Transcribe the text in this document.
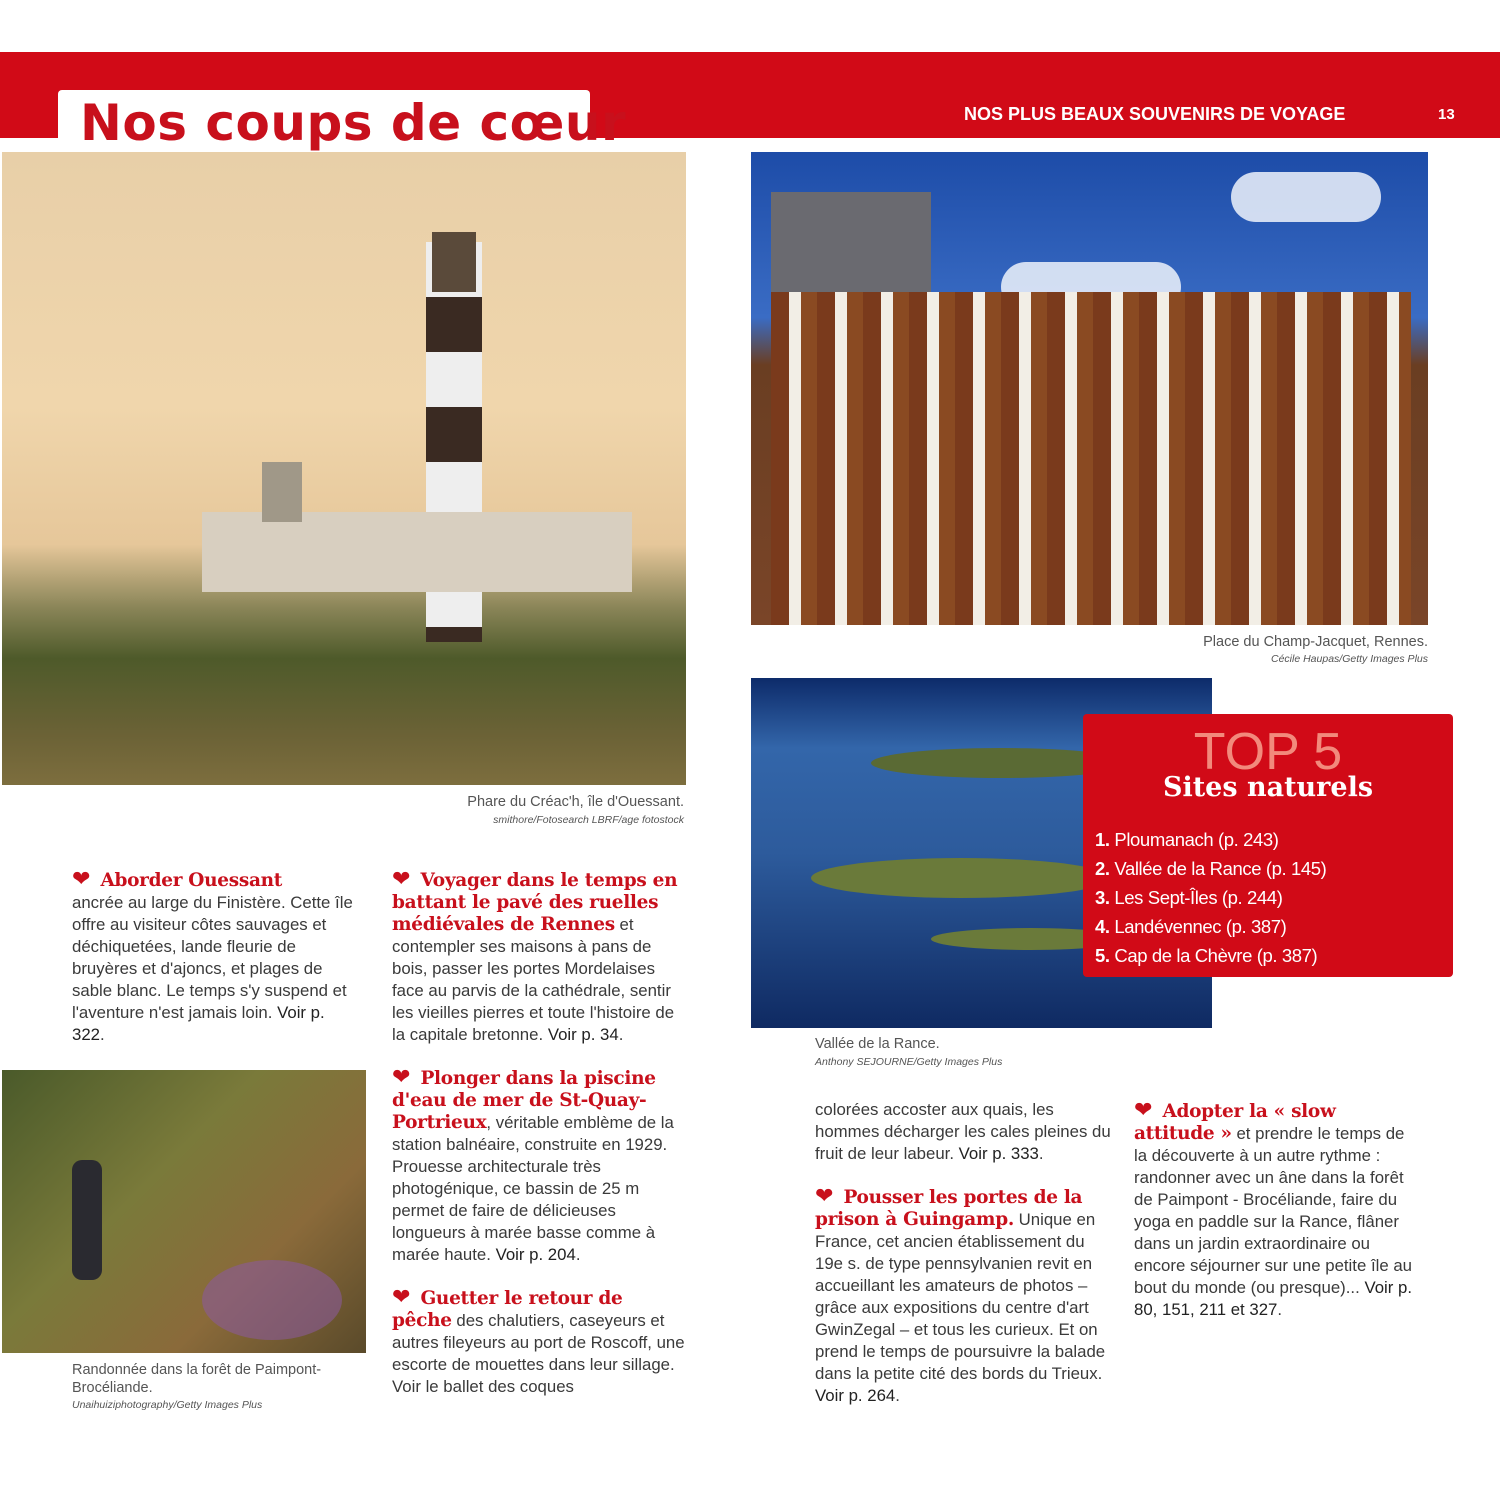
Nos coups de cœur	NOS PLUS BEAUX SOUVENIRS DE VOYAGE	13
Phare du Créac'h, île d'Ouessant.
smithore/Fotosearch LBRF/age fotostock
Place du Champ-Jacquet, Rennes.
Cécile Haupas/Getty Images Plus
Vallée de la Rance.
Anthony SEJOURNE/Getty Images Plus
TOP 5
Sites naturels
1. Ploumanach (p. 243)
2. Vallée de la Rance (p. 145)
3. Les Sept-Îles (p. 244)
4. Landévennec (p. 387)
5. Cap de la Chèvre (p. 387)
Randonnée dans la forêt de Paimpont-Brocéliande.
Unaihuiziphotography/Getty Images Plus

❤ Aborder Ouessant
ancrée au large du Finistère. Cette île offre au visiteur côtes sauvages et déchiquetées, lande fleurie de bruyères et d'ajoncs, et plages de sable blanc. Le temps s'y suspend et l'aventure n'est jamais loin. Voir p. 322.

❤ Voyager dans le temps en battant le pavé des ruelles médiévales de Rennes et contempler ses maisons à pans de bois, passer les portes Mordelaises face au parvis de la cathédrale, sentir les vieilles pierres et toute l'histoire de la capitale bretonne. Voir p. 34.

❤ Plonger dans la piscine d'eau de mer de St-Quay-Portrieux, véritable emblème de la station balnéaire, construite en 1929. Prouesse architecturale très photogénique, ce bassin de 25 m permet de faire de délicieuses longueurs à marée basse comme à marée haute. Voir p. 204.

❤ Guetter le retour de pêche des chalutiers, caseyeurs et autres fileyeurs au port de Roscoff, une escorte de mouettes dans leur sillage. Voir le ballet des coques

colorées accoster aux quais, les hommes décharger les cales pleines du fruit de leur labeur. Voir p. 333.

❤ Pousser les portes de la prison à Guingamp. Unique en France, cet ancien établissement du 19e s. de type pennsylvanien revit en accueillant les amateurs de photos – grâce aux expositions du centre d'art GwinZegal – et tous les curieux. Et on prend le temps de poursuivre la balade dans la petite cité des bords du Trieux. Voir p. 264.

❤ Adopter la « slow attitude » et prendre le temps de la découverte à un autre rythme : randonner avec un âne dans la forêt de Paimpont - Brocéliande, faire du yoga en paddle sur la Rance, flâner dans un jardin extraordinaire ou encore séjourner sur une petite île au bout du monde (ou presque)... Voir p. 80, 151, 211 et 327.
